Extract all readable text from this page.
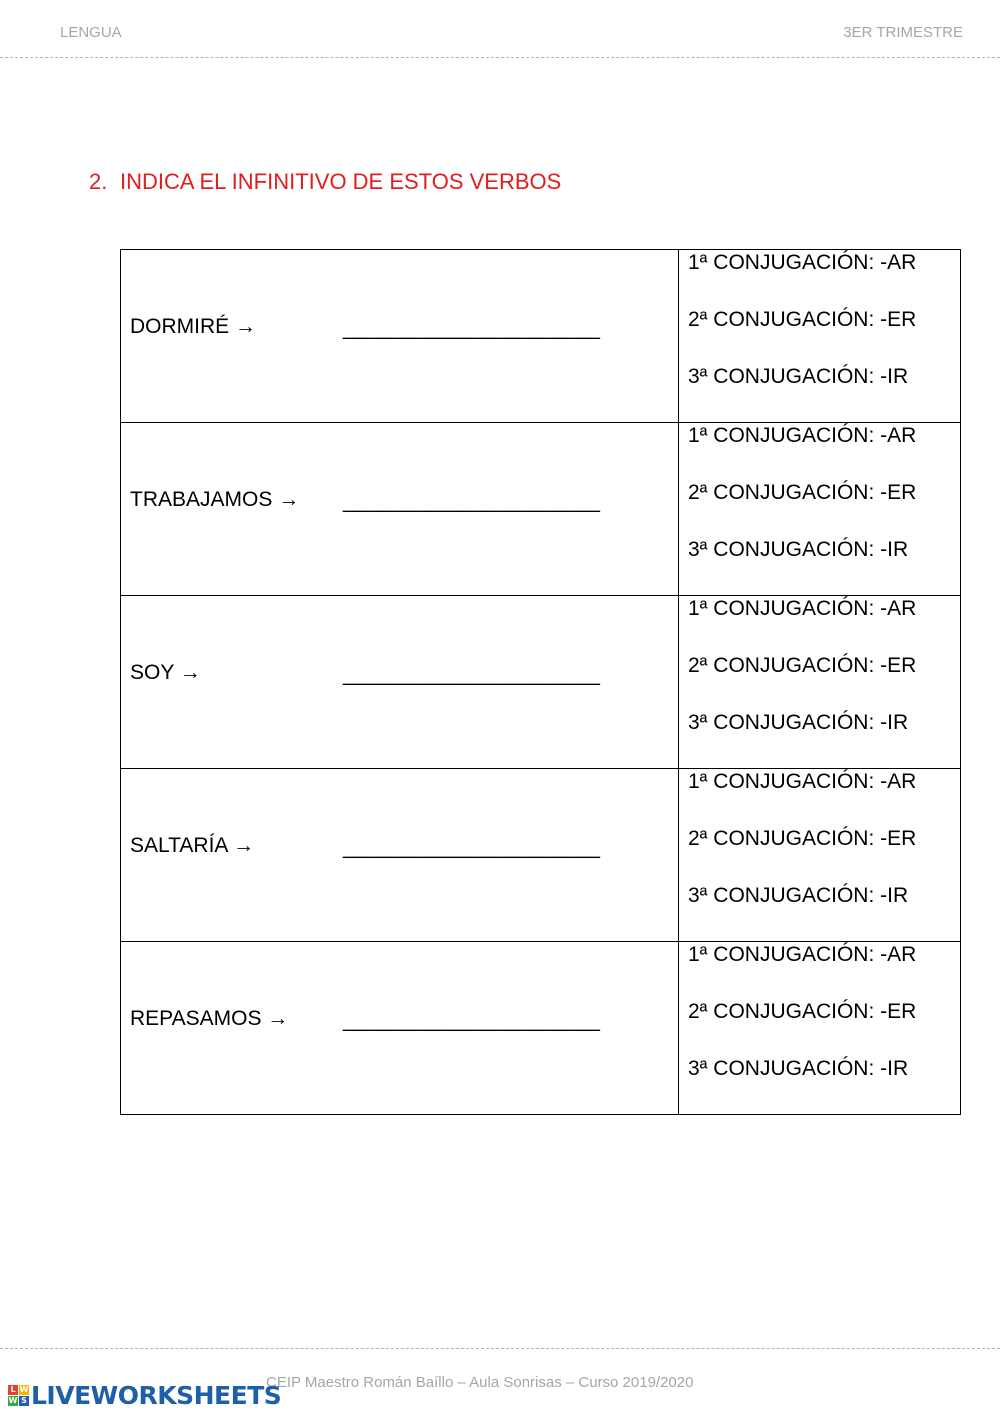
LENGUA	3ER TRIMESTRE
2. INDICA EL INFINITIVO DE ESTOS VERBOS
DORMIRÉ → ______________________	1ª CONJUGACIÓN: -AR
2ª CONJUGACIÓN: -ER
3ª CONJUGACIÓN: -IR

TRABAJAMOS → ______________________	1ª CONJUGACIÓN: -AR
2ª CONJUGACIÓN: -ER
3ª CONJUGACIÓN: -IR

SOY → ______________________	1ª CONJUGACIÓN: -AR
2ª CONJUGACIÓN: -ER
3ª CONJUGACIÓN: -IR

SALTARÍA → ______________________	1ª CONJUGACIÓN: -AR
2ª CONJUGACIÓN: -ER
3ª CONJUGACIÓN: -IR

REPASAMOS → ______________________	1ª CONJUGACIÓN: -AR
2ª CONJUGACIÓN: -ER
3ª CONJUGACIÓN: -IR
CEIP Maestro Román Baíllo – Aula Sonrisas – Curso 2019/2020
L W
W S LIVEWORKSHEETS
